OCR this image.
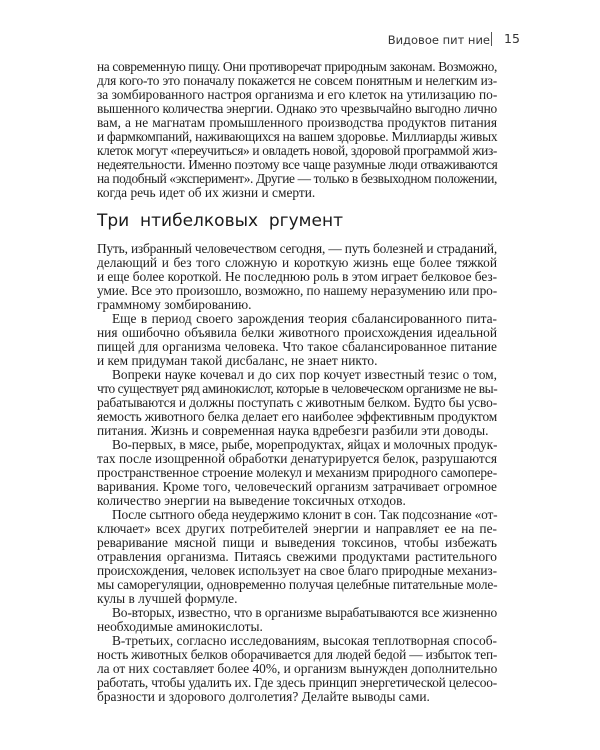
Видовое пит ние 15
на современную пищу. Они противоречат природным законам. Возможно,
для кого-то это поначалу покажется не совсем понятным и нелегким из-
за зомбированного настроя организма и его клеток на утилизацию по-
вышенного количества энергии. Однако это чрезвычайно выгодно лично
вам, а не магнатам промышленного производства продуктов питания
и фармкомпаний, наживающихся на вашем здоровье. Миллиарды живых
клеток могут «переучиться» и овладеть новой, здоровой программой жиз-
недеятельности. Именно поэтому все чаще разумные люди отваживаются
на подобный «эксперимент». Другие — только в безвыходном положении,
когда речь идет об их жизни и смерти.
Три  нтибелковых  ргумент
Путь, избранный человечеством сегодня, — путь болезней и страданий,
делающий и без того сложную и короткую жизнь еще более тяжкой
и еще более короткой. Не последнюю роль в этом играет белковое без-
умие. Все это произошло, возможно, по нашему неразумению или про-
граммному зомбированию.
Еще в период своего зарождения теория сбалансированного пита-
ния ошибочно объявила белки животного происхождения идеальной
пищей для организма человека. Что такое сбалансированное питание
и кем придуман такой дисбаланс, не знает никто.
Вопреки науке кочевал и до сих пор кочует известный тезис о том,
что существует ряд аминокислот, которые в человеческом организме не вы-
рабатываются и должны поступать с животным белком. Будто бы усво-
яемость животного белка делает его наиболее эффективным продуктом
питания. Жизнь и современная наука вдребезги разбили эти доводы.
Во-первых, в мясе, рыбе, морепродуктах, яйцах и молочных продук-
тах после изощренной обработки денатурируется белок, разрушаются
пространственное строение молекул и механизм природного самопере-
варивания. Кроме того, человеческий организм затрачивает огромное
количество энергии на выведение токсичных отходов.
После сытного обеда неудержимо клонит в сон. Так подсознание «от-
ключает» всех других потребителей энергии и направляет ее на пе-
реваривание мясной пищи и выведения токсинов, чтобы избежать
отравления организма. Питаясь свежими продуктами растительного
происхождения, человек использует на свое благо природные механиз-
мы саморегуляции, одновременно получая целебные питательные моле-
кулы в лучшей формуле.
Во-вторых, известно, что в организме вырабатываются все жизненно
необходимые аминокислоты.
В-третьих, согласно исследованиям, высокая теплотворная способ-
ность животных белков оборачивается для людей бедой — избыток теп-
ла от них составляет более 40%, и организм вынужден дополнительно
работать, чтобы удалить их. Где здесь принцип энергетической целесоо-
бразности и здорового долголетия? Делайте выводы сами.
